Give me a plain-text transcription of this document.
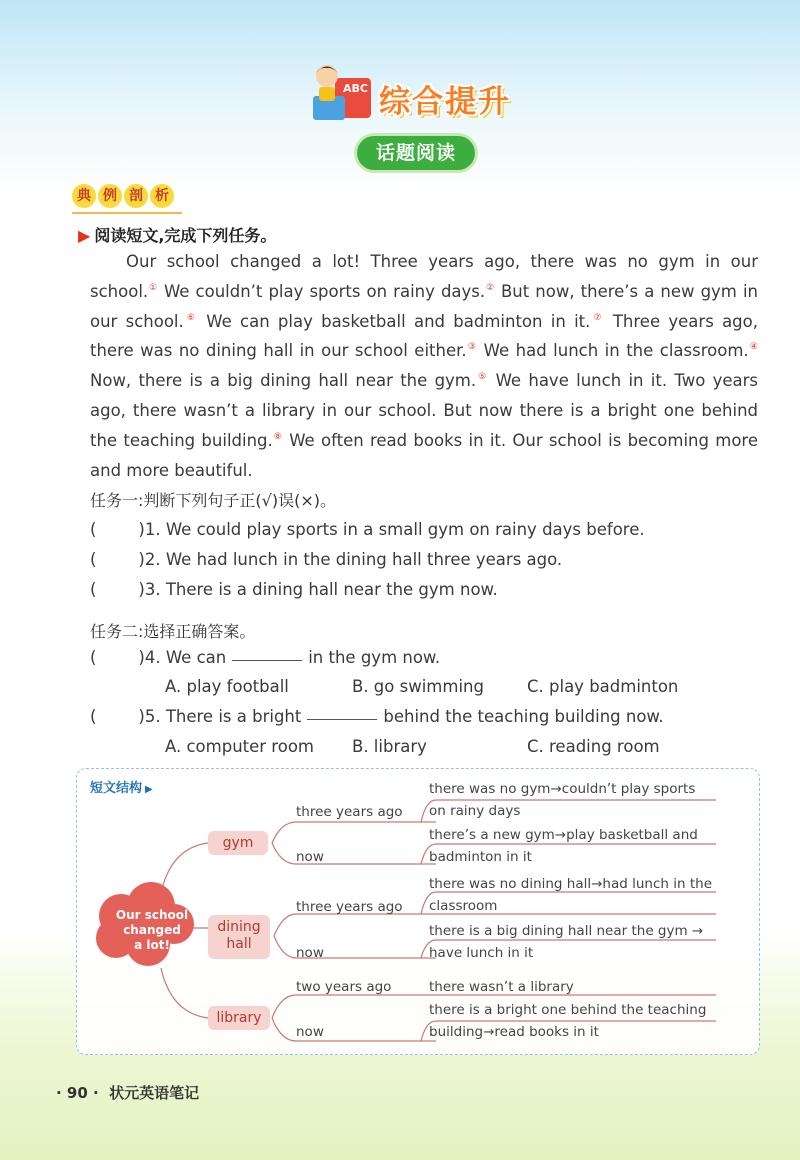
ABC 综合提升
话题阅读
典 例 剖 析
▶ 阅读短文,完成下列任务。

Our school changed a lot! Three years ago, there was no gym in our school.① We couldn’t play sports on rainy days.② But now, there’s a new gym in our school.⑥ We can play basketball and badminton in it.⑦ Three years ago, there was no dining hall in our school either.③ We had lunch in the classroom.④ Now, there is a big dining hall near the gym.⑤ We have lunch in it. Two years ago, there wasn’t a library in our school. But now there is a bright one behind the teaching building.⑧ We often read books in it. Our school is becoming more and more beautiful.

任务一:判断下列句子正(√)误(×)。
(        )1. We could play sports in a small gym on rainy days before.
(        )2. We had lunch in the dining hall three years ago.
(        )3. There is a dining hall near the gym now.
任务二:选择正确答案。
(        )4. We can	in the gym now.
A. play football	B. go swimming	C. play badminton
(        )5. There is a bright	behind the teaching building now.
A. computer room B. library	C. reading room
短文结构 ▶
Our school
changed
a lot!
gym
three years ago
now
there was no gym→couldn’t play sports
on rainy days
there’s a new gym→play basketball and
badminton in it
dining
hall
three years ago
now
there was no dining hall→had lunch in the
classroom
there is a big dining hall near the gym →
have lunch in it
library
two years ago
now
there wasn’t a library
there is a bright one behind the teaching
building→read books in it
· 90 · 状元英语笔记
